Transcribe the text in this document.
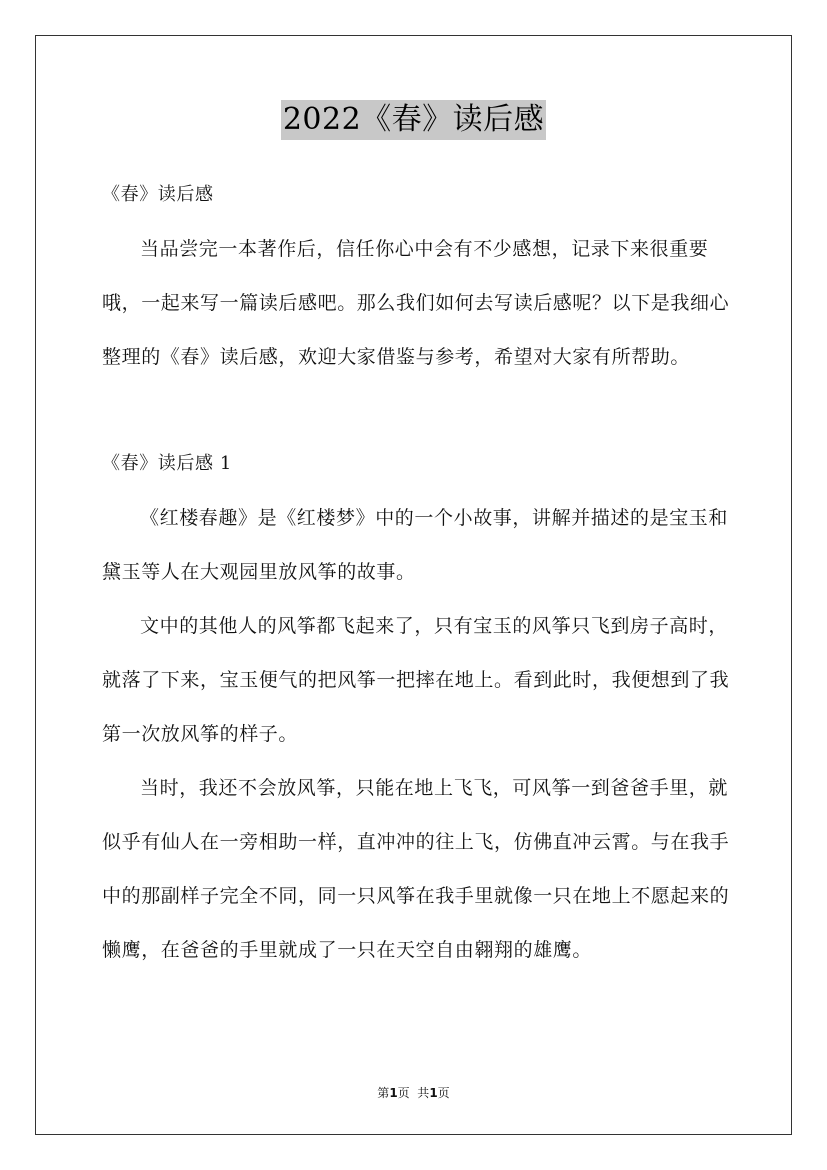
2022《春》读后感

《春》读后感

当品尝完一本著作后，信任你心中会有不少感想，记录下来很重要哦，一起来写一篇读后感吧。那么我们如何去写读后感呢？以下是我细心整理的《春》读后感，欢迎大家借鉴与参考，希望对大家有所帮助。

《春》读后感 1

《红楼春趣》是《红楼梦》中的一个小故事，讲解并描述的是宝玉和黛玉等人在大观园里放风筝的故事。

文中的其他人的风筝都飞起来了，只有宝玉的风筝只飞到房子高时，就落了下来，宝玉便气的把风筝一把摔在地上。看到此时，我便想到了我第一次放风筝的样子。

当时，我还不会放风筝，只能在地上飞飞，可风筝一到爸爸手里，就似乎有仙人在一旁相助一样，直冲冲的往上飞，仿佛直冲云霄。与在我手中的那副样子完全不同，同一只风筝在我手里就像一只在地上不愿起来的懒鹰，在爸爸的手里就成了一只在天空自由翱翔的雄鹰。

第1页  共1页
